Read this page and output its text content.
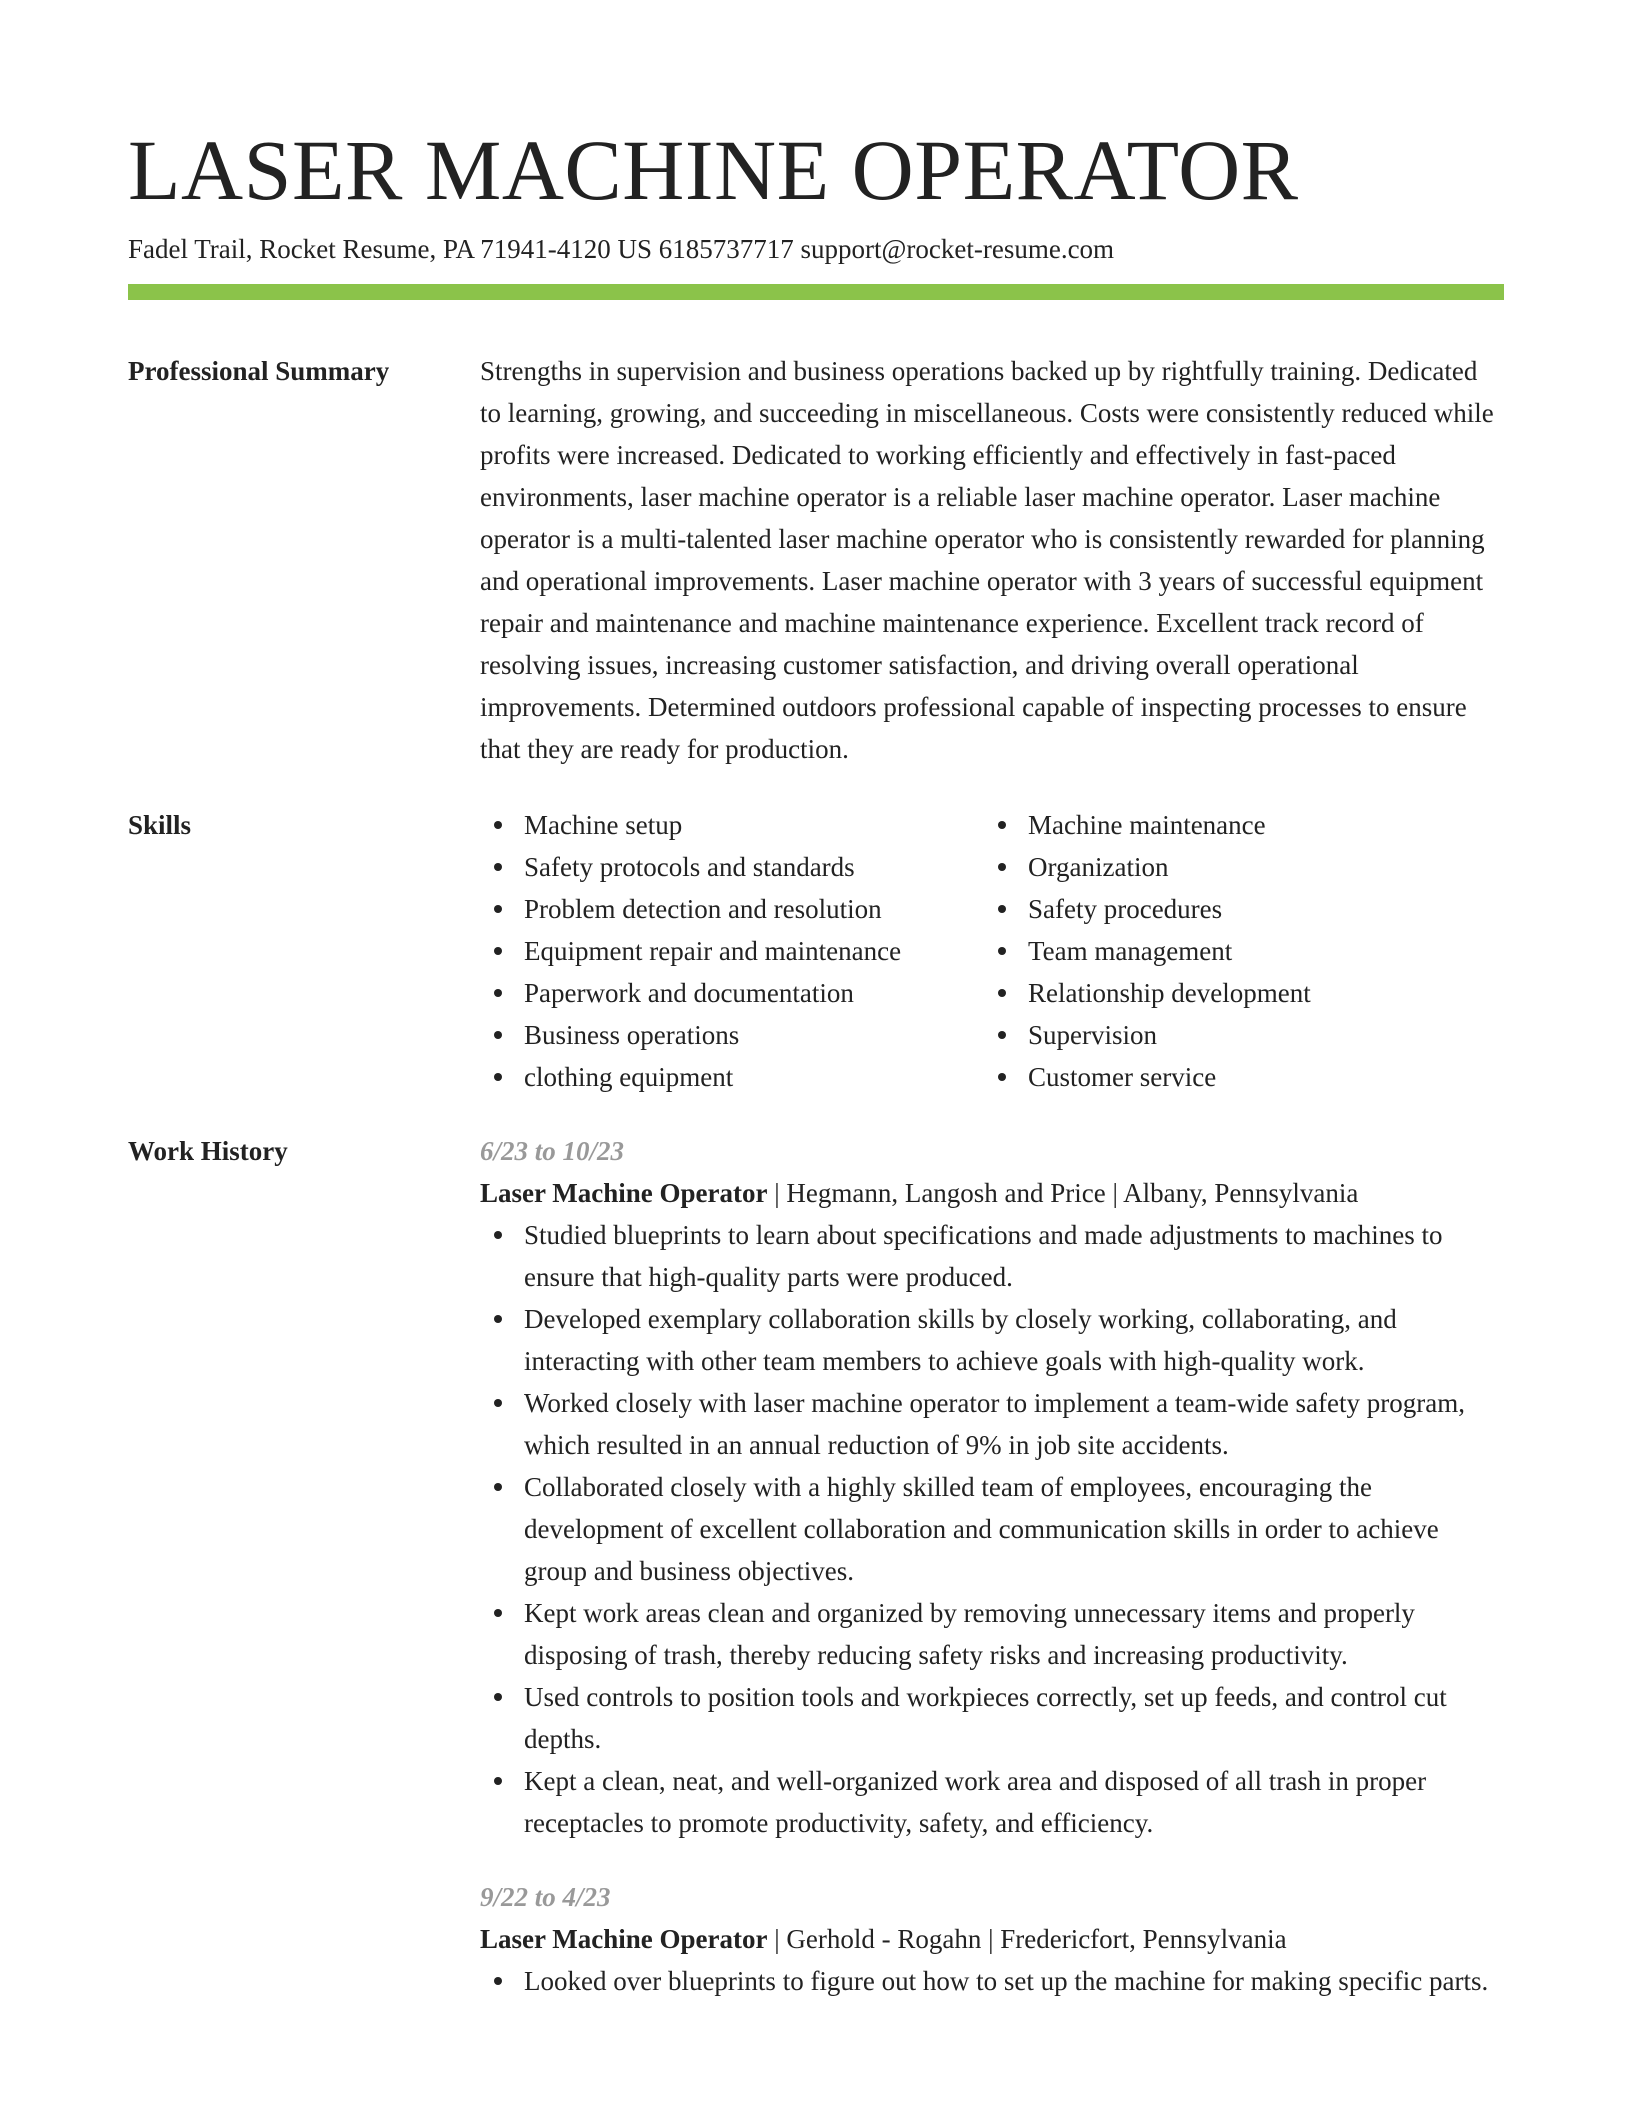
LASER MACHINE OPERATOR
Fadel Trail, Rocket Resume, PA 71941-4120 US 6185737717 support@rocket-resume.com
Professional Summary	Strengths in supervision and business operations backed up by rightfully training. Dedicated to learning, growing, and succeeding in miscellaneous. Costs were consistently reduced while profits were increased. Dedicated to working efficiently and effectively in fast-paced environments, laser machine operator is a reliable laser machine operator. Laser machine operator is a multi-talented laser machine operator who is consistently rewarded for planning and operational improvements. Laser machine operator with 3 years of successful equipment repair and maintenance and machine maintenance experience. Excellent track record of resolving issues, increasing customer satisfaction, and driving overall operational improvements. Determined outdoors professional capable of inspecting processes to ensure that they are ready for production.

Skills	Machine setup
Safety protocols and standards
Problem detection and resolution
Equipment repair and maintenance
Paperwork and documentation
Business operations
clothing equipment
Machine maintenance
Organization
Safety procedures
Team management
Relationship development
Supervision
Customer service
Work History	6/23 to 10/23
Laser Machine Operator | Hegmann, Langosh and Price | Albany, Pennsylvania
Studied blueprints to learn about specifications and made adjustments to machines to ensure that high-quality parts were produced.
Developed exemplary collaboration skills by closely working, collaborating, and interacting with other team members to achieve goals with high-quality work.
Worked closely with laser machine operator to implement a team-wide safety program, which resulted in an annual reduction of 9% in job site accidents.
Collaborated closely with a highly skilled team of employees, encouraging the development of excellent collaboration and communication skills in order to achieve group and business objectives.
Kept work areas clean and organized by removing unnecessary items and properly disposing of trash, thereby reducing safety risks and increasing productivity.
Used controls to position tools and workpieces correctly, set up feeds, and control cut depths.
Kept a clean, neat, and well-organized work area and disposed of all trash in proper receptacles to promote productivity, safety, and efficiency.
9/22 to 4/23
Laser Machine Operator | Gerhold - Rogahn | Fredericfort, Pennsylvania
Looked over blueprints to figure out how to set up the machine for making specific parts.
